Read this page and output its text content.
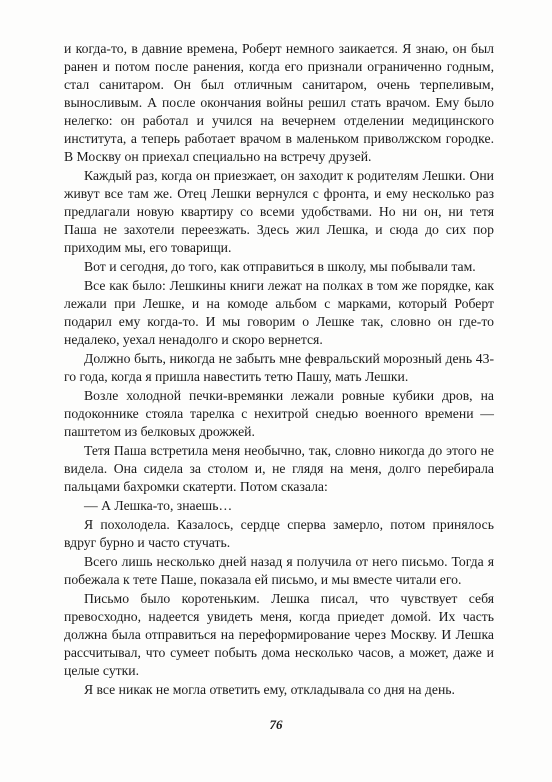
и когда-то, в давние времена, Роберт немного заикается. Я знаю, он был ранен и потом после ранения, когда его признали ограниченно годным, стал санитаром. Он был отличным санитаром, очень терпеливым, выносливым. А после окончания войны решил стать врачом. Ему было нелегко: он работал и учился на вечернем отделении медицинского института, а теперь работает врачом в маленьком приволжском городке. В Москву он приехал специально на встречу друзей.

Каждый раз, когда он приезжает, он заходит к родителям Лешки. Они живут все там же. Отец Лешки вернулся с фронта, и ему несколько раз предлагали новую квартиру со всеми удобствами. Но ни он, ни тетя Паша не захотели переезжать. Здесь жил Лешка, и сюда до сих пор приходим мы, его товарищи.

Вот и сегодня, до того, как отправиться в школу, мы побывали там.

Все как было: Лешкины книги лежат на полках в том же порядке, как лежали при Лешке, и на комоде альбом с марками, который Роберт подарил ему когда-то. И мы говорим о Лешке так, словно он где-то недалеко, уехал ненадолго и скоро вернется.

Должно быть, никогда не забыть мне февральский морозный день 43-го года, когда я пришла навестить тетю Пашу, мать Лешки.

Возле холодной печки-времянки лежали ровные кубики дров, на подоконнике стояла тарелка с нехитрой снедью военного времени — паштетом из белковых дрожжей.

Тетя Паша встретила меня необычно, так, словно никогда до этого не видела. Она сидела за столом и, не глядя на меня, долго перебирала пальцами бахромки скатерти. Потом сказала:

— А Лешка-то, знаешь…

Я похолодела. Казалось, сердце сперва замерло, потом принялось вдруг бурно и часто стучать.

Всего лишь несколько дней назад я получила от него письмо. Тогда я побежала к тете Паше, показала ей письмо, и мы вместе читали его.

Письмо было коротеньким. Лешка писал, что чувствует себя превосходно, надеется увидеть меня, когда приедет домой. Их часть должна была отправиться на переформирование через Москву. И Лешка рассчитывал, что сумеет побыть дома несколько часов, а может, даже и целые сутки.

Я все никак не могла ответить ему, откладывала со дня на день.

76
